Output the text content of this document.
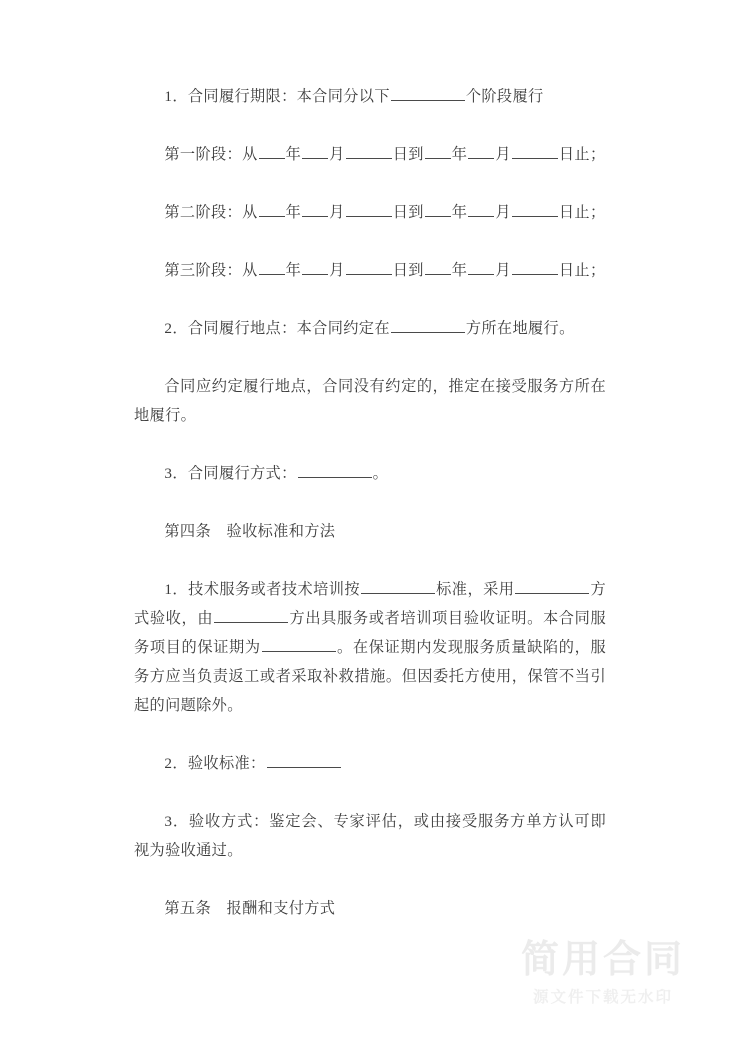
1．合同履行期限：本合同分以下	个阶段履行

第一阶段：从 年 月	日到 年 月	日止；

第二阶段：从 年 月	日到 年 月	日止；

第三阶段：从 年 月	日到 年 月	日止；

2．合同履行地点：本合同约定在	方所在地履行。

合同应约定履行地点，合同没有约定的，推定在接受服务方所在地履行。

3．合同履行方式：	。

第四条　验收标准和方法

1．技术服务或者技术培训按	标准，采用	方式验收，由	方出具服务或者培训项目验收证明。本合同服务项目的保证期为	。在保证期内发现服务质量缺陷的，服务方应当负责返工或者采取补救措施。但因委托方使用，保管不当引起的问题除外。

2．验收标准：

3．验收方式：鉴定会、专家评估，或由接受服务方单方认可即视为验收通过。

第五条　报酬和支付方式

简用合同
源文件下载无水印
